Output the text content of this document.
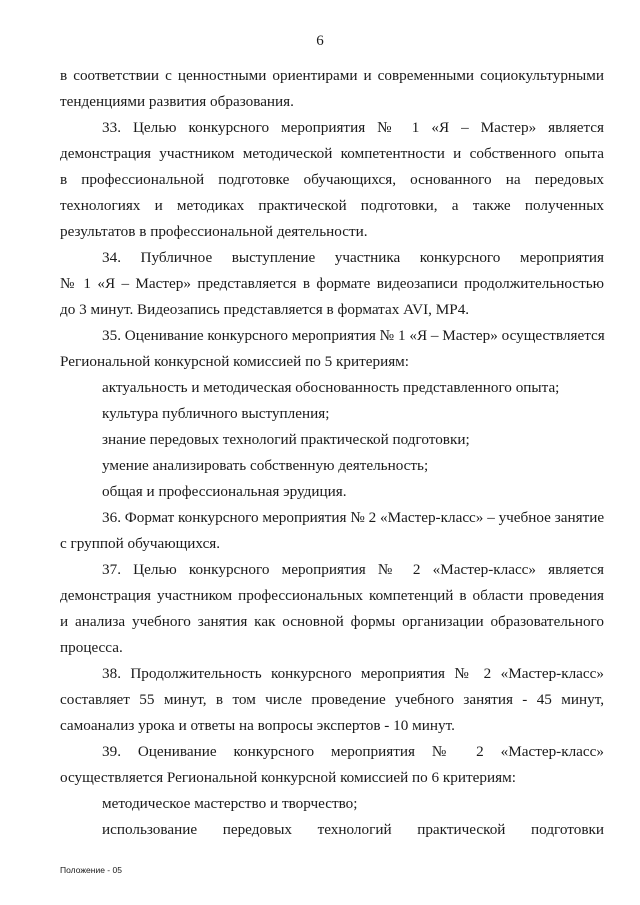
6
в соответствии с ценностными ориентирами и современными социокультурными
тенденциями развития образования.
33. Целью конкурсного мероприятия № 1 «Я – Мастер» является
демонстрация участником методической компетентности и собственного опыта
в профессиональной подготовке обучающихся, основанного на передовых
технологиях и методиках практической подготовки, а также полученных
результатов в профессиональной деятельности.
34. Публичное выступление участника конкурсного мероприятия
№ 1 «Я – Мастер» представляется в формате видеозаписи продолжительностью
до 3 минут. Видеозапись представляется в форматах AVI, MP4.
35. Оценивание конкурсного мероприятия № 1 «Я – Мастер» осуществляется
Региональной конкурсной комиссией по 5 критериям:
актуальность и методическая обоснованность представленного опыта;
культура публичного выступления;
знание передовых технологий практической подготовки;
умение анализировать собственную деятельность;
общая и профессиональная эрудиция.
36. Формат конкурсного мероприятия № 2 «Мастер-класс» – учебное занятие
с группой обучающихся.
37. Целью конкурсного мероприятия № 2 «Мастер-класс» является
демонстрация участником профессиональных компетенций в области проведения
и анализа учебного занятия как основной формы организации образовательного
процесса.
38. Продолжительность конкурсного мероприятия № 2 «Мастер-класс»
составляет 55 минут, в том числе проведение учебного занятия - 45 минут,
самоанализ урока и ответы на вопросы экспертов - 10 минут.
39. Оценивание конкурсного мероприятия № 2 «Мастер-класс»
осуществляется Региональной конкурсной комиссией по 6 критериям:
методическое мастерство и творчество;
использование передовых технологий практической подготовки
Положение - 05
